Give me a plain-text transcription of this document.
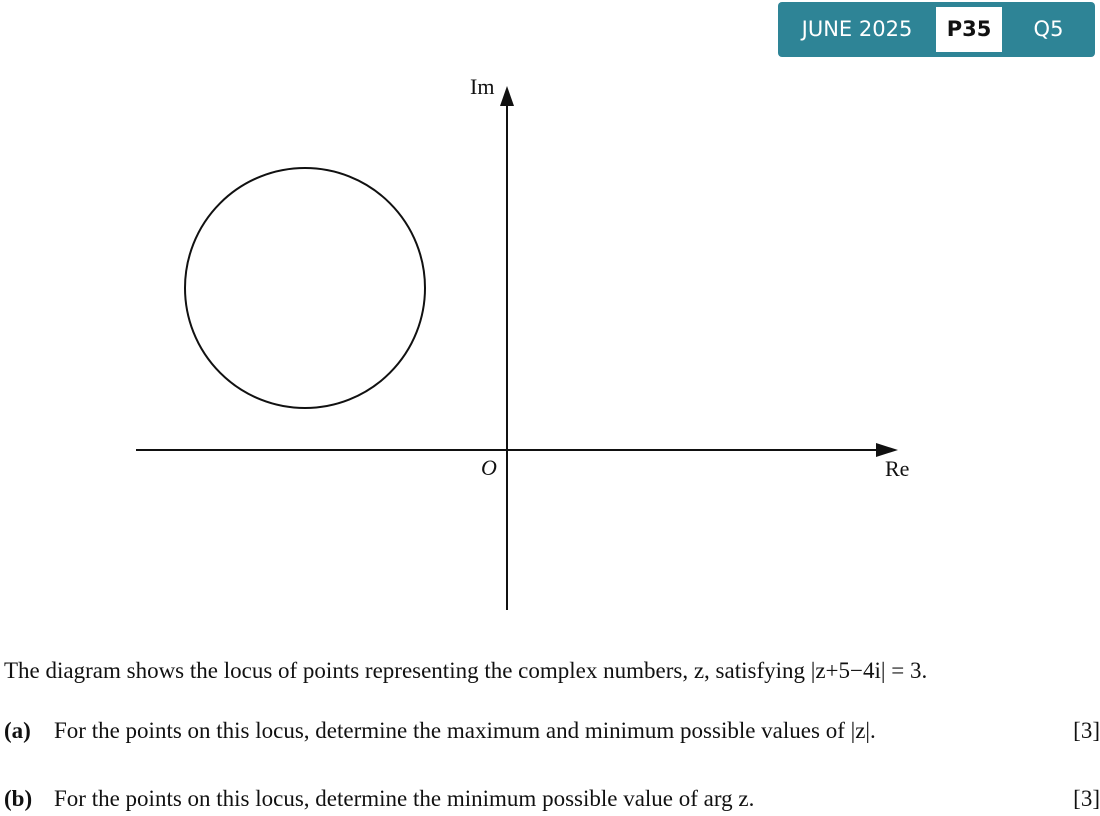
JUNE 2025	P35	Q5
Im
Re
O
The diagram shows the locus of points representing the complex numbers, z, satisfying |z+5−4i| = 3.
(a) For the points on this locus, determine the maximum and minimum possible values of |z|.	[3]
(b) For the points on this locus, determine the minimum possible value of arg z.	[3]
